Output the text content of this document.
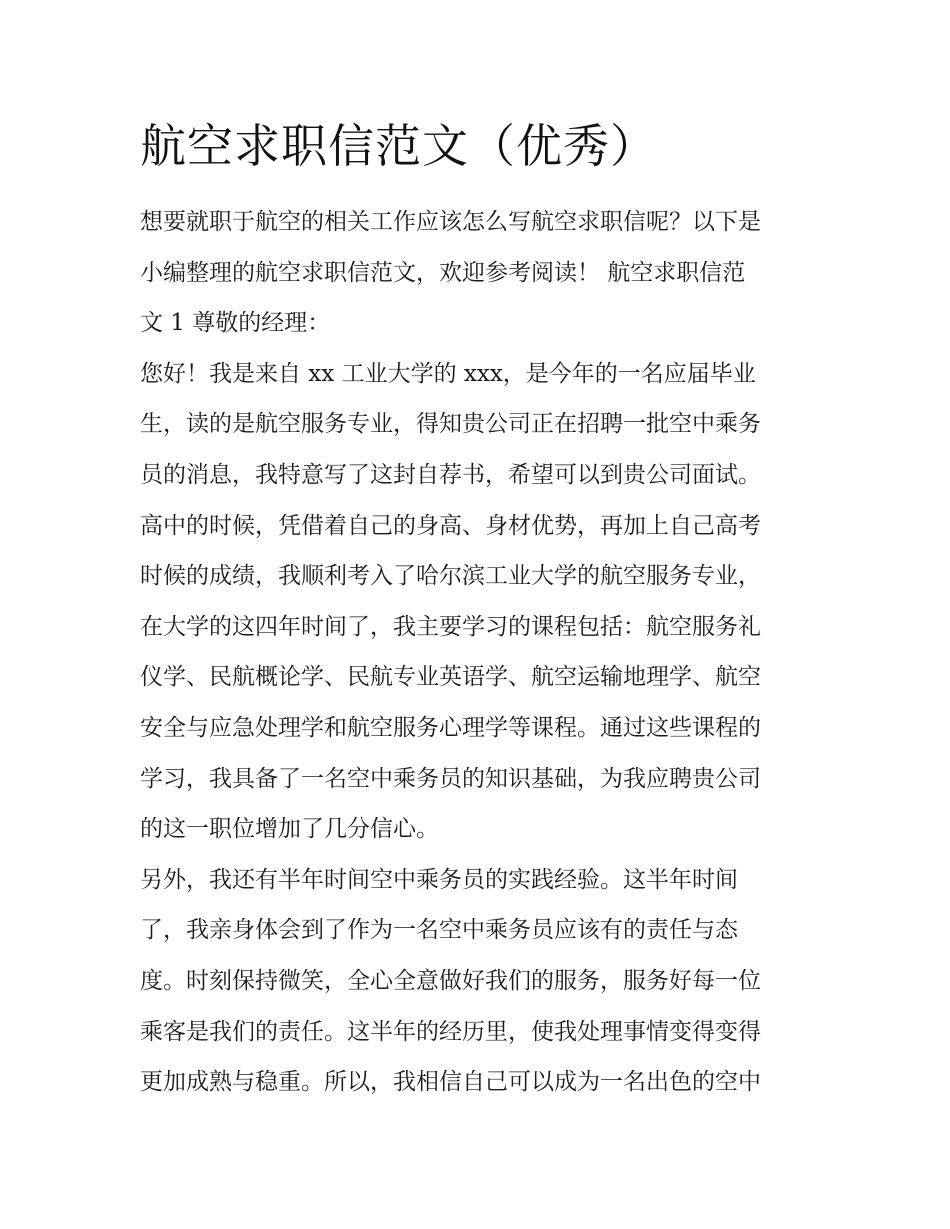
航空求职信范文（优秀）
想要就职于航空的相关工作应该怎么写航空求职信呢？以下是
小编整理的航空求职信范文，欢迎参考阅读！ 航空求职信范
文 1 尊敬的经理：
您好！我是来自 xx 工业大学的 xxx，是今年的一名应届毕业
生，读的是航空服务专业，得知贵公司正在招聘一批空中乘务
员的消息，我特意写了这封自荐书，希望可以到贵公司面试。
高中的时候，凭借着自己的身高、身材优势，再加上自己高考
时候的成绩，我顺利考入了哈尔滨工业大学的航空服务专业，
在大学的这四年时间了，我主要学习的课程包括：航空服务礼
仪学、民航概论学、民航专业英语学、航空运输地理学、航空
安全与应急处理学和航空服务心理学等课程。通过这些课程的
学习，我具备了一名空中乘务员的知识基础，为我应聘贵公司
的这一职位增加了几分信心。
另外，我还有半年时间空中乘务员的实践经验。这半年时间
了，我亲身体会到了作为一名空中乘务员应该有的责任与态
度。时刻保持微笑，全心全意做好我们的服务，服务好每一位
乘客是我们的责任。这半年的经历里，使我处理事情变得变得
更加成熟与稳重。所以，我相信自己可以成为一名出色的空中
